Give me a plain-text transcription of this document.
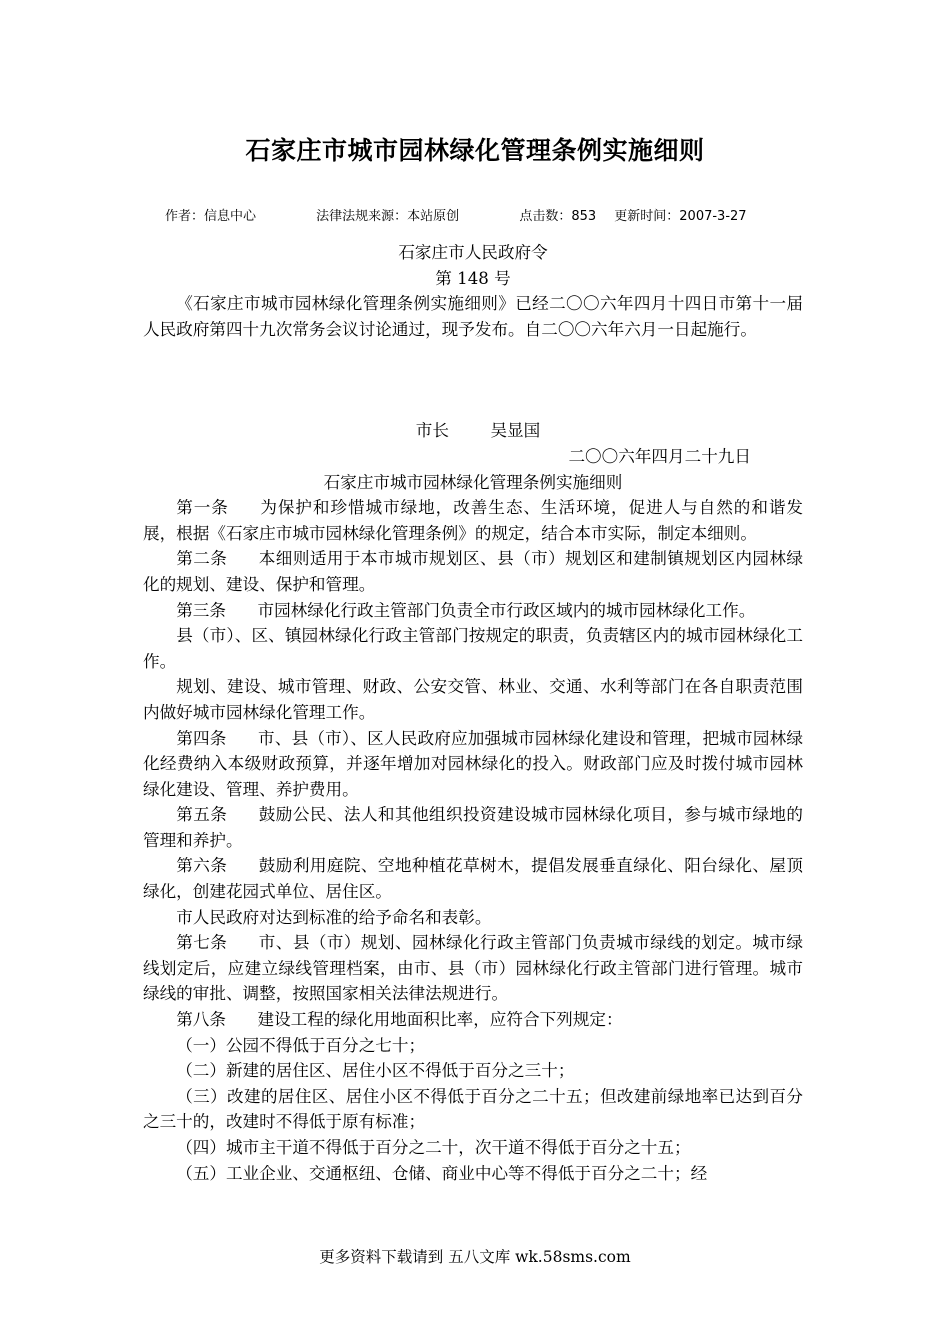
石家庄市城市园林绿化管理条例实施细则
作者：信息中心	法律法规来源：本站原创	点击数：853 更新时间：2007-3-27
石家庄市人民政府令
第 148 号

《石家庄市城市园林绿化管理条例实施细则》已经二〇〇六年四月十四日市第十一届人民政府第四十九次常务会议讨论通过，现予发布。自二〇〇六年六月一日起施行。

市长	吴显国
二〇〇六年四月二十九日
石家庄市城市园林绿化管理条例实施细则

第一条 为保护和珍惜城市绿地，改善生态、生活环境，促进人与自然的和谐发展，根据《石家庄市城市园林绿化管理条例》的规定，结合本市实际，制定本细则。

第二条 本细则适用于本市城市规划区、县（市）规划区和建制镇规划区内园林绿化的规划、建设、保护和管理。

第三条 市园林绿化行政主管部门负责全市行政区域内的城市园林绿化工作。

县（市）、区、镇园林绿化行政主管部门按规定的职责，负责辖区内的城市园林绿化工作。

规划、建设、城市管理、财政、公安交管、林业、交通、水利等部门在各自职责范围内做好城市园林绿化管理工作。

第四条 市、县（市）、区人民政府应加强城市园林绿化建设和管理，把城市园林绿化经费纳入本级财政预算，并逐年增加对园林绿化的投入。财政部门应及时拨付城市园林绿化建设、管理、养护费用。

第五条 鼓励公民、法人和其他组织投资建设城市园林绿化项目，参与城市绿地的管理和养护。

第六条 鼓励利用庭院、空地种植花草树木，提倡发展垂直绿化、阳台绿化、屋顶绿化，创建花园式单位、居住区。

市人民政府对达到标准的给予命名和表彰。

第七条 市、县（市）规划、园林绿化行政主管部门负责城市绿线的划定。城市绿线划定后，应建立绿线管理档案，由市、县（市）园林绿化行政主管部门进行管理。城市绿线的审批、调整，按照国家相关法律法规进行。

第八条 建设工程的绿化用地面积比率，应符合下列规定：

（一）公园不得低于百分之七十；

（二）新建的居住区、居住小区不得低于百分之三十；

（三）改建的居住区、居住小区不得低于百分之二十五；但改建前绿地率已达到百分之三十的，改建时不得低于原有标准；

（四）城市主干道不得低于百分之二十，次干道不得低于百分之十五；

（五）工业企业、交通枢纽、仓储、商业中心等不得低于百分之二十；经

更多资料下载请到 五八文库 wk.58sms.com
